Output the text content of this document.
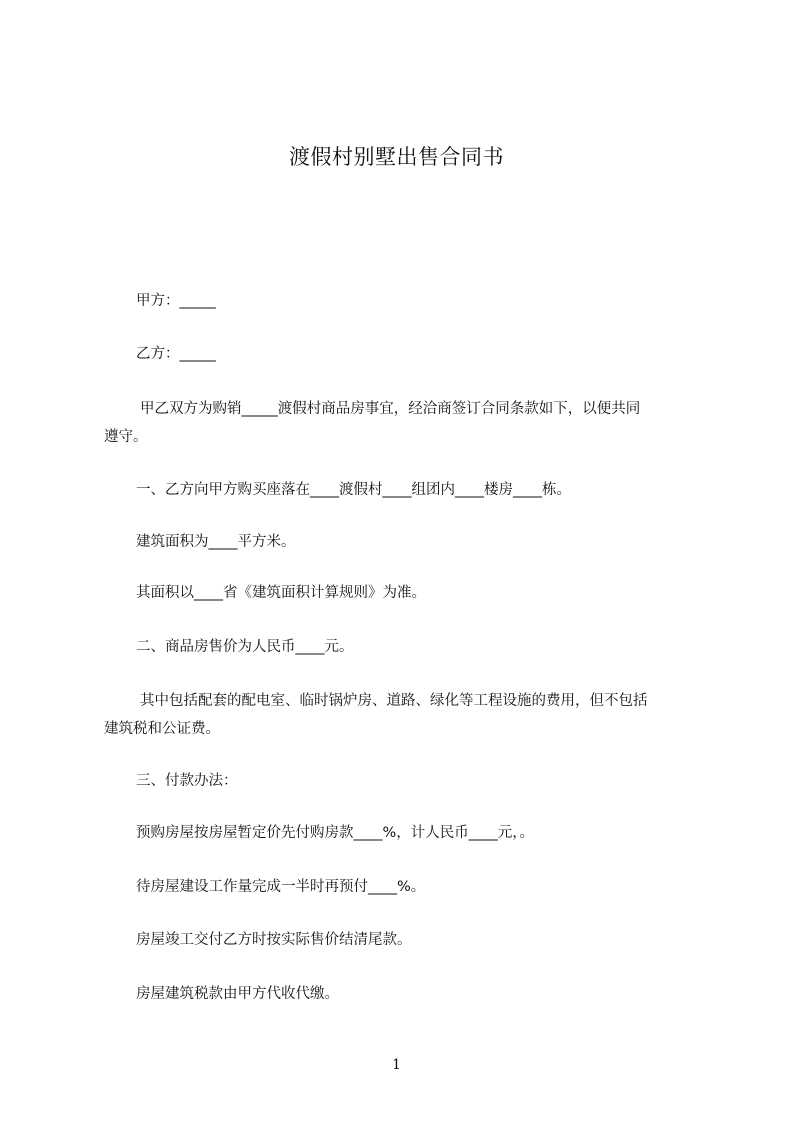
渡假村别墅出售合同书

甲方：_____

乙方：_____

甲乙双方为购销_____渡假村商品房事宜，经洽商签订合同条款如下，以便共同
遵守。

一、乙方向甲方购买座落在____渡假村____组团内____楼房____栋。

建筑面积为____平方米。

其面积以____省《建筑面积计算规则》为准。

二、商品房售价为人民币____元。

其中包括配套的配电室、临时锅炉房、道路、绿化等工程设施的费用，但不包括
建筑税和公证费。

三、付款办法：

预购房屋按房屋暂定价先付购房款____%，计人民币____元，。

待房屋建设工作量完成一半时再预付____%。

房屋竣工交付乙方时按实际售价结清尾款。

房屋建筑税款由甲方代收代缴。

1
